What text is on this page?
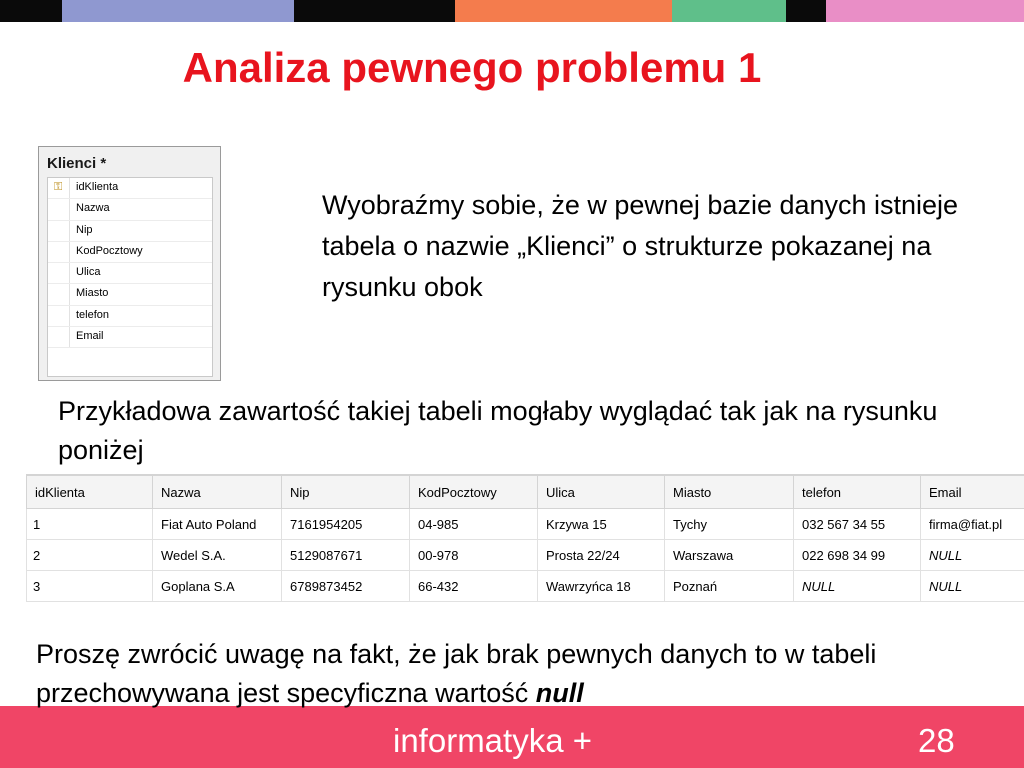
Analiza pewnego problemu 1
Klienci *
⚿ idKlienta
Nazwa
Nip
KodPocztowy
Ulica
Miasto
telefon
Email

Wyobraźmy sobie, że w pewnej bazie danych istnieje tabela o nazwie „Klienci” o strukturze pokazanej na rysunku obok

Przykładowa zawartość takiej tabeli mogłaby wyglądać tak jak na rysunku poniżej

idKlienta	Nazwa	Nip	KodPocztowy	Ulica	Miasto	telefon	Email
1	Fiat Auto Poland	7161954205	04-985	Krzywa 15	Tychy	032 567 34 55	firma@fiat.pl
2	Wedel S.A.	5129087671	00-978	Prosta 22/24	Warszawa	022 698 34 99	NULL
3	Goplana S.A	6789873452	66-432	Wawrzyńca 18	Poznań	NULL	NULL

Proszę zwrócić uwagę na fakt, że jak brak pewnych danych to w tabeli przechowywana jest specyficzna wartość null

informatyka +	28
